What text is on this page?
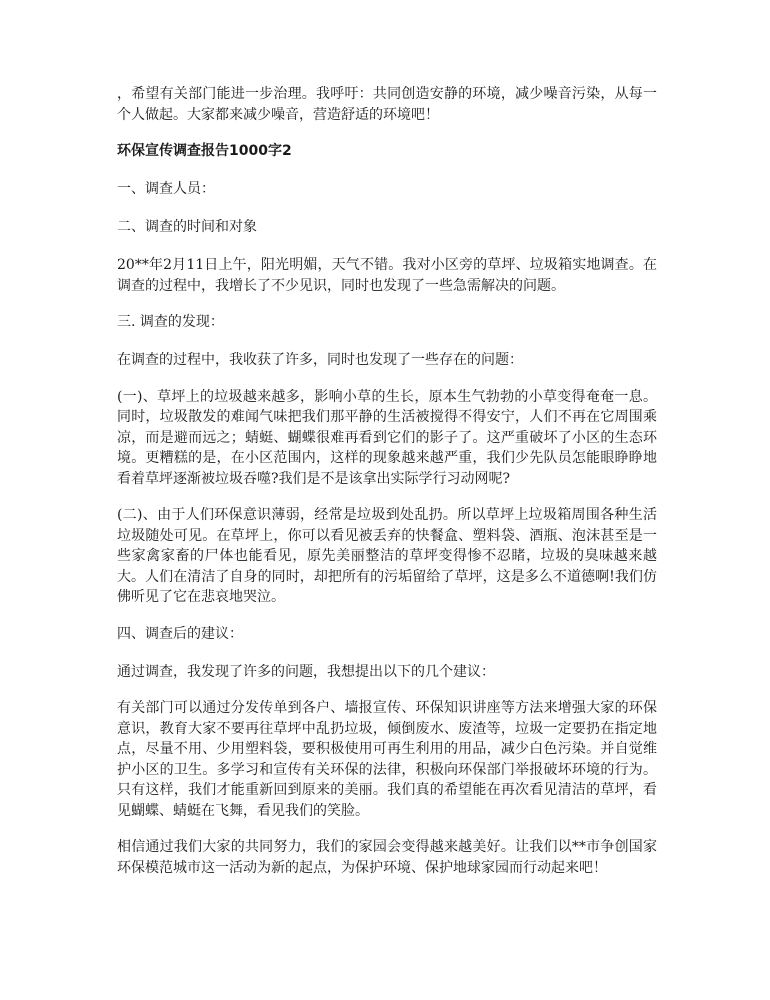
，希望有关部门能进一步治理。我呼吁：共同创造安静的环境，减少噪音污染，从每一个人做起。大家都来减少噪音，营造舒适的环境吧！

环保宣传调查报告1000字2

一、调查人员：

二、调查的时间和对象

20**年2月11日上午，阳光明媚，天气不错。我对小区旁的草坪、垃圾箱实地调查。在调查的过程中，我增长了不少见识，同时也发现了一些急需解决的问题。

三. 调查的发现：

在调查的过程中，我收获了许多，同时也发现了一些存在的问题：

(一)、草坪上的垃圾越来越多，影响小草的生长，原本生气勃勃的小草变得奄奄一息。同时，垃圾散发的难闻气味把我们那平静的生活被搅得不得安宁，人们不再在它周围乘凉，而是避而远之；蜻蜓、蝴蝶很难再看到它们的影子了。这严重破坏了小区的生态环境。更糟糕的是，在小区范围内，这样的现象越来越严重，我们少先队员怎能眼睁睁地看着草坪逐渐被垃圾吞噬?我们是不是该拿出实际学行习动网呢?

(二)、由于人们环保意识薄弱，经常是垃圾到处乱扔。所以草坪上垃圾箱周围各种生活垃圾随处可见。在草坪上，你可以看见被丢弃的快餐盒、塑料袋、酒瓶、泡沫甚至是一些家禽家畜的尸体也能看见，原先美丽整洁的草坪变得惨不忍睹，垃圾的臭味越来越大。人们在清洁了自身的同时，却把所有的污垢留给了草坪，这是多么不道德啊!我们仿佛听见了它在悲哀地哭泣。

四、调查后的建议：

通过调查，我发现了许多的问题，我想提出以下的几个建议：

有关部门可以通过分发传单到各户、墙报宣传、环保知识讲座等方法来增强大家的环保意识，教育大家不要再往草坪中乱扔垃圾，倾倒废水、废渣等，垃圾一定要扔在指定地点，尽量不用、少用塑料袋，要积极使用可再生利用的用品，减少白色污染。并自觉维护小区的卫生。多学习和宣传有关环保的法律，积极向环保部门举报破坏环境的行为。只有这样，我们才能重新回到原来的美丽。我们真的希望能在再次看见清洁的草坪，看见蝴蝶、蜻蜓在飞舞，看见我们的笑脸。

相信通过我们大家的共同努力，我们的家园会变得越来越美好。让我们以**市争创国家环保模范城市这一活动为新的起点，为保护环境、保护地球家园而行动起来吧！
